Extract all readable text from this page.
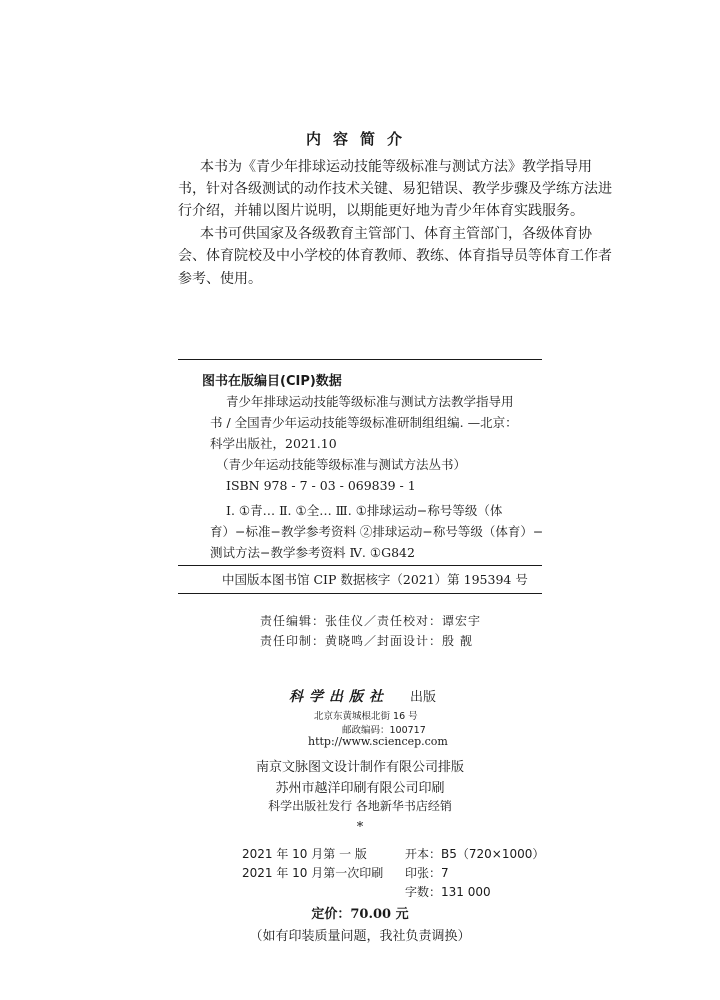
内容简介
本书为《青少年排球运动技能等级标准与测试方法》教学指导用
书，针对各级测试的动作技术关键、易犯错误、教学步骤及学练方法进
行介绍，并辅以图片说明，以期能更好地为青少年体育实践服务。
本书可供国家及各级教育主管部门、体育主管部门，各级体育协
会、体育院校及中小学校的体育教师、教练、体育指导员等体育工作者
参考、使用。
图书在版编目(CIP)数据
青少年排球运动技能等级标准与测试方法教学指导用
书 / 全国青少年运动技能等级标准研制组组编. —北京：
科学出版社，2021.10
（青少年运动技能等级标准与测试方法丛书）
ISBN 978 - 7 - 03 - 069839 - 1
Ⅰ. ①青… Ⅱ. ①全… Ⅲ. ①排球运动−称号等级（体
育）−标准−教学参考资料 ②排球运动−称号等级（体育）−
测试方法−教学参考资料 Ⅳ. ①G842
中国版本图书馆 CIP 数据核字（2021）第 195394 号
责任编辑：张佳仪／责任校对：谭宏宇
责任印制：黄晓鸣／封面设计：殷 靓
科学出版社 出版
北京东黄城根北街 16 号
邮政编码：100717
http://www.sciencep.com
南京文脉图文设计制作有限公司排版
苏州市越洋印刷有限公司印刷
科学出版社发行 各地新华书店经销
*
2021 年 10 月第 一 版	开本：B5（720×1000）
2021 年 10 月第一次印刷 印张：7
字数：131 000
定价：70.00 元
（如有印装质量问题，我社负责调换）
